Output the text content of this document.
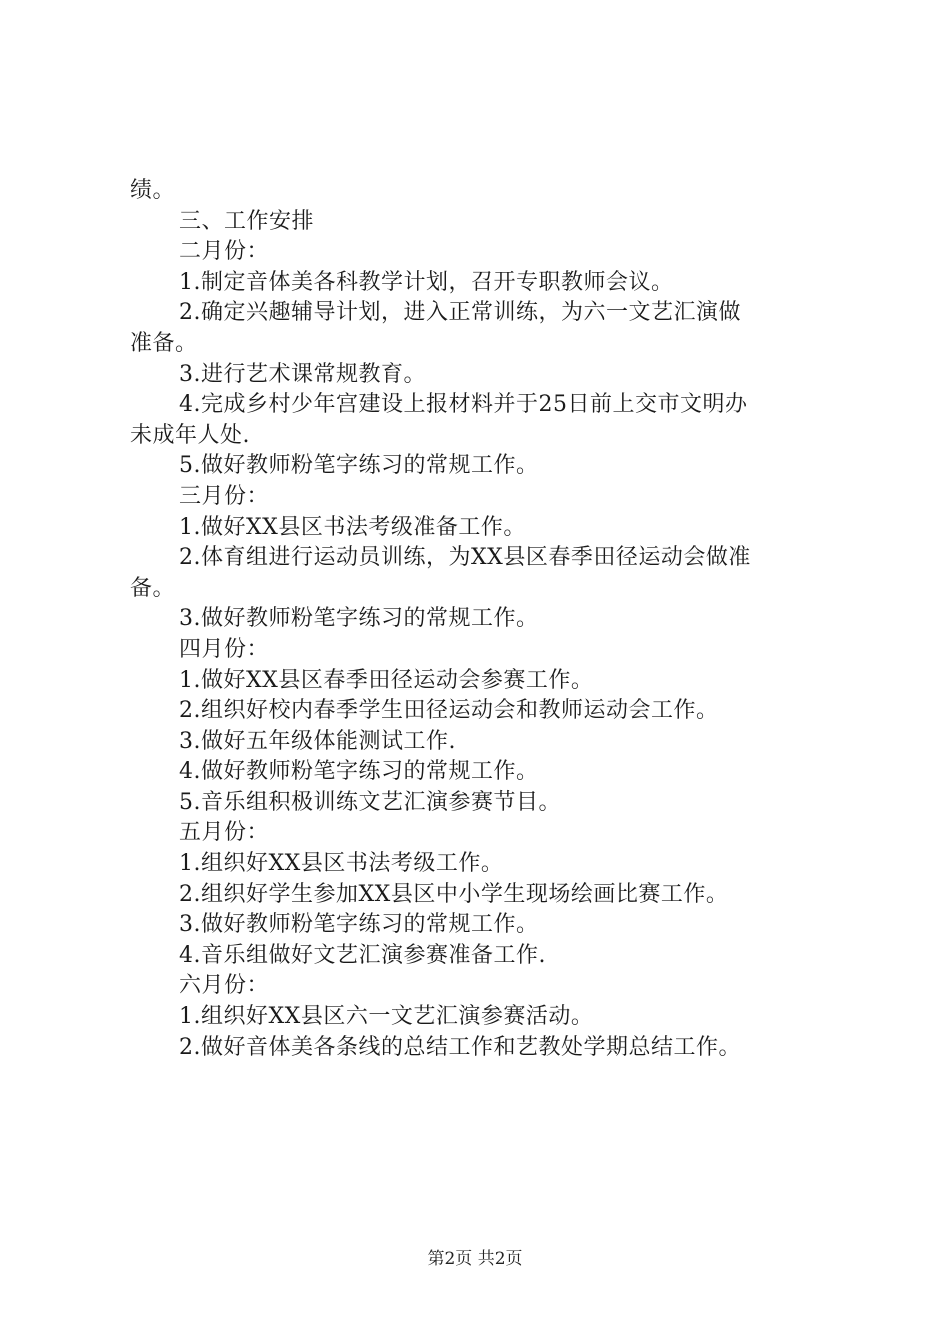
绩。
三、工作安排
二月份：
1.制定音体美各科教学计划，召开专职教师会议。
2.确定兴趣辅导计划，进入正常训练，为六一文艺汇演做
准备。
3.进行艺术课常规教育。
4.完成乡村少年宫建设上报材料并于25日前上交市文明办
未成年人处.
5.做好教师粉笔字练习的常规工作。
三月份：
1.做好XX县区书法考级准备工作。
2.体育组进行运动员训练，为XX县区春季田径运动会做准
备。
3.做好教师粉笔字练习的常规工作。
四月份：
1.做好XX县区春季田径运动会参赛工作。
2.组织好校内春季学生田径运动会和教师运动会工作。
3.做好五年级体能测试工作.
4.做好教师粉笔字练习的常规工作。
5.音乐组积极训练文艺汇演参赛节目。
五月份：
1.组织好XX县区书法考级工作。
2.组织好学生参加XX县区中小学生现场绘画比赛工作。
3.做好教师粉笔字练习的常规工作。
4.音乐组做好文艺汇演参赛准备工作.
六月份：
1.组织好XX县区六一文艺汇演参赛活动。
2.做好音体美各条线的总结工作和艺教处学期总结工作。
第2页 共2页
